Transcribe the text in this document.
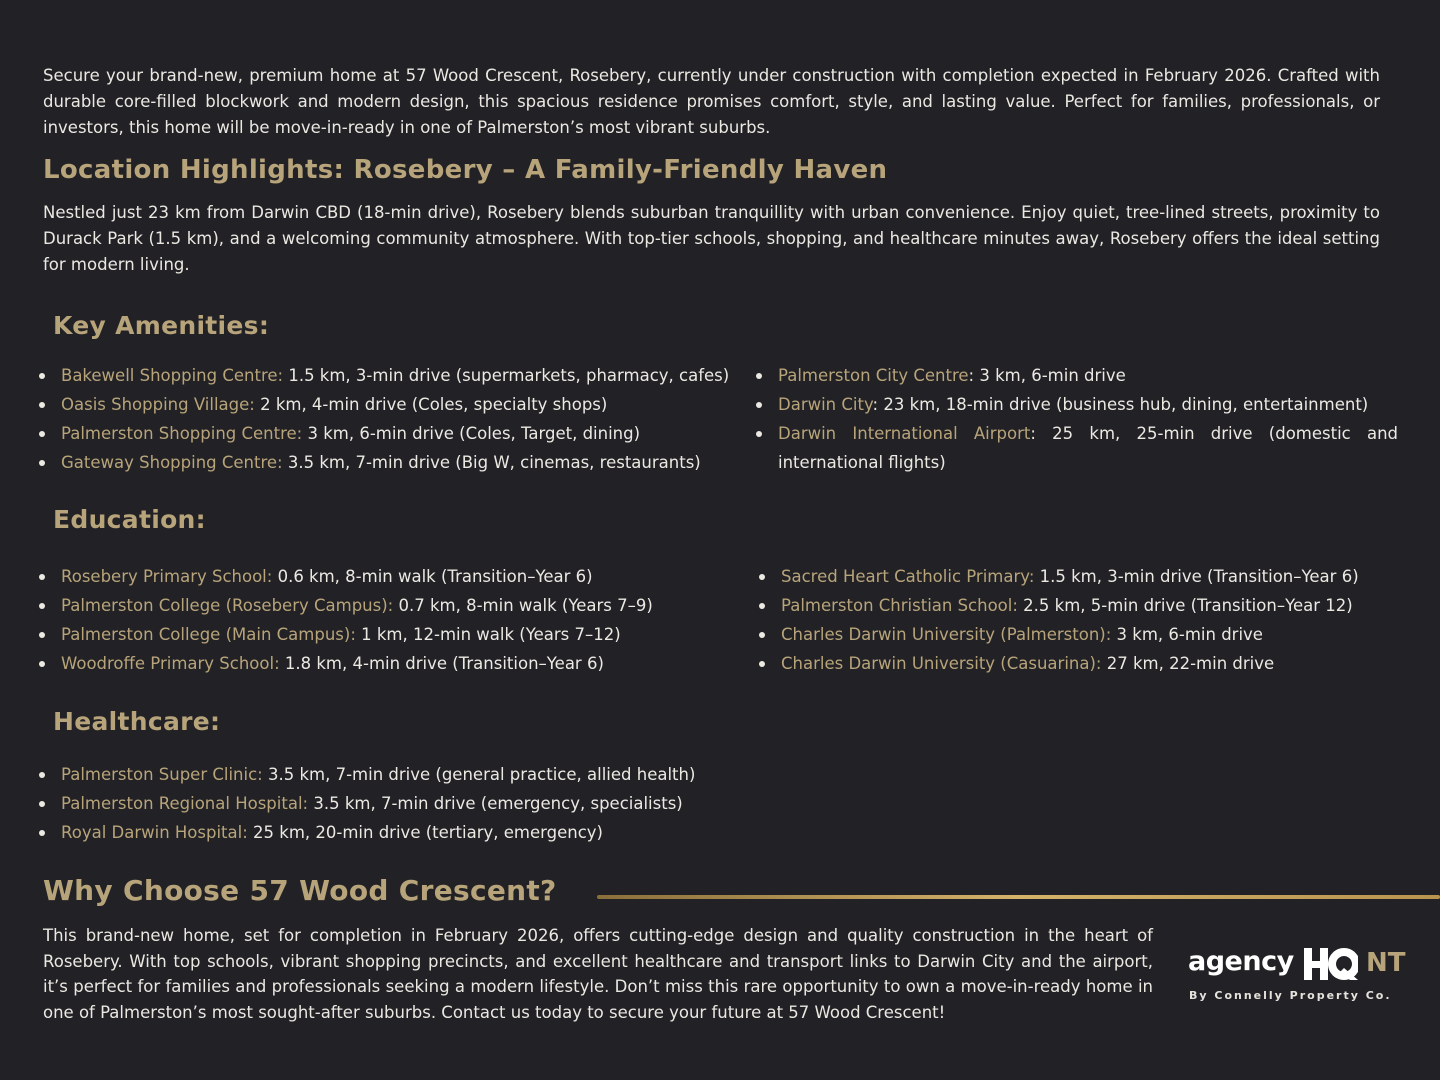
Secure your brand-new, premium home at 57 Wood Crescent, Rosebery, currently under construction with completion expected in February 2026. Crafted with durable core-filled blockwork and modern design, this spacious residence promises comfort, style, and lasting value. Perfect for families, professionals, or investors, this home will be move-in-ready in one of Palmerston’s most vibrant suburbs.

Location Highlights: Rosebery – A Family-Friendly Haven

Nestled just 23 km from Darwin CBD (18-min drive), Rosebery blends suburban tranquillity with urban convenience. Enjoy quiet, tree-lined streets, proximity to Durack Park (1.5 km), and a welcoming community atmosphere. With top-tier schools, shopping, and healthcare minutes away, Rosebery offers the ideal setting for modern living.

Key Amenities:
Bakewell Shopping Centre: 1.5 km, 3-min drive (supermarkets, pharmacy, cafes)
Oasis Shopping Village: 2 km, 4-min drive (Coles, specialty shops)
Palmerston Shopping Centre: 3 km, 6-min drive (Coles, Target, dining)
Gateway Shopping Centre: 3.5 km, 7-min drive (Big W, cinemas, restaurants)
Palmerston City Centre: 3 km, 6-min drive
Darwin City: 23 km, 18-min drive (business hub, dining, entertainment)
Darwin International Airport: 25 km, 25-min drive (domestic and international flights)
Education:
Rosebery Primary School: 0.6 km, 8-min walk (Transition–Year 6)
Palmerston College (Rosebery Campus): 0.7 km, 8-min walk (Years 7–9)
Palmerston College (Main Campus): 1 km, 12-min walk (Years 7–12)
Woodroffe Primary School: 1.8 km, 4-min drive (Transition–Year 6)
Sacred Heart Catholic Primary: 1.5 km, 3-min drive (Transition–Year 6)
Palmerston Christian School: 2.5 km, 5-min drive (Transition–Year 12)
Charles Darwin University (Palmerston): 3 km, 6-min drive
Charles Darwin University (Casuarina): 27 km, 22-min drive
Healthcare:
Palmerston Super Clinic: 3.5 km, 7-min drive (general practice, allied health)
Palmerston Regional Hospital: 3.5 km, 7-min drive (emergency, specialists)
Royal Darwin Hospital: 25 km, 20-min drive (tertiary, emergency)
Why Choose 57 Wood Crescent?

This brand-new home, set for completion in February 2026, offers cutting-edge design and quality construction in the heart of Rosebery. With top schools, vibrant shopping precincts, and excellent healthcare and transport links to Darwin City and the airport, it’s perfect for families and professionals seeking a modern lifestyle. Don’t miss this rare opportunity to own a move-in-ready home in one of Palmerston’s most sought-after suburbs. Contact us today to secure your future at 57 Wood Crescent!

agency	NT
By Connelly Property Co.
